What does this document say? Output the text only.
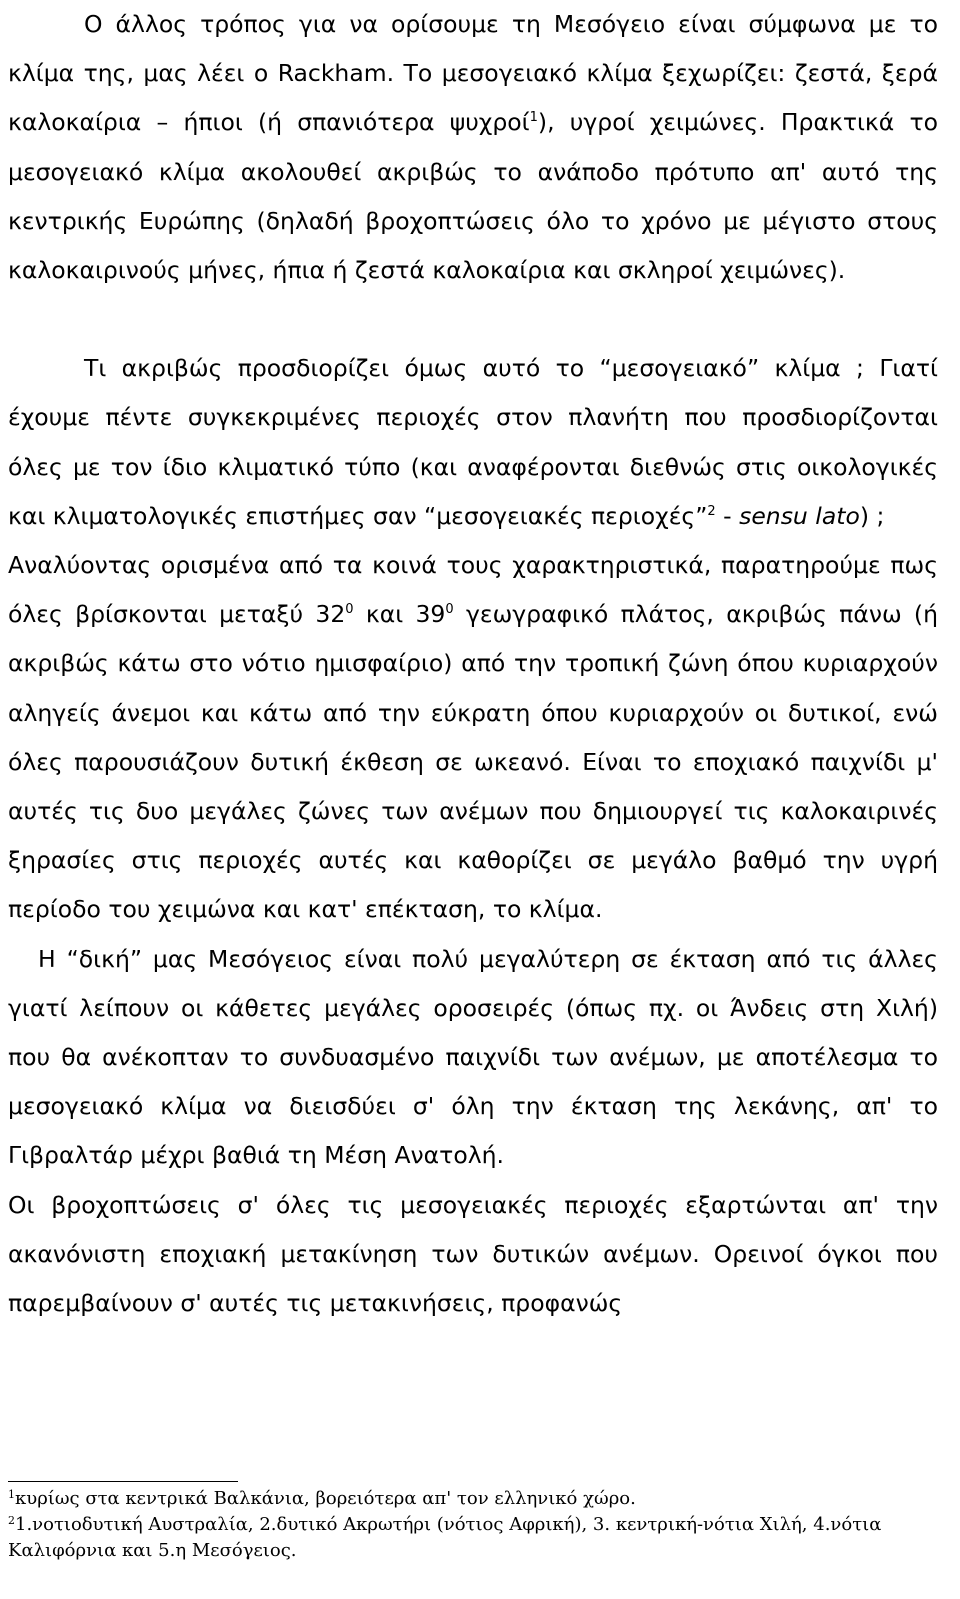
Ο άλλος τρόπος για να ορίσουμε τη Μεσόγειο είναι σύμφωνα με το κλίμα της, μας λέει ο Rackham. Το μεσογειακό κλίμα ξεχωρίζει: ζεστά, ξερά καλοκαίρια – ήπιοι (ή σπανιότερα ψυχροί$^1$), υγροί χειμώνες. Πρακτικά το μεσογειακό κλίμα ακολουθεί ακριβώς το ανάποδο πρότυπο απ' αυτό της κεντρικής Ευρώπης (δηλαδή βροχοπτώσεις όλο το χρόνο με μέγιστο στους καλοκαιρινούς μήνες, ήπια ή ζεστά καλοκαίρια και σκληροί χειμώνες).

Τι ακριβώς προσδιορίζει όμως αυτό το “ μεσογειακό ” κλίμα ; Γιατί έχουμε πέντε συγκεκριμένες περιοχές στον πλανήτη που προσδιορίζονται όλες με τον ίδιο κλιματικό τύπο (και αναφέρονται διεθνώς στις οικολογικές και κλιματολογικές επιστήμες σαν “ μεσογειακές περιοχές ” $^2$ - sensu lato) ;

Αναλύοντας ορισμένα από τα κοινά τους χαρακτηριστικά, παρατηρούμε πως όλες βρίσκονται μεταξύ $32^0$ και $39^0$ γεωγραφικό πλάτος, ακριβώς πάνω (ή ακριβώς κάτω στο νότιο ημισφαίριο) από την τροπική ζώνη όπου κυριαρχούν αληγείς άνεμοι και κάτω από την εύκρατη όπου κυριαρχούν οι δυτικοί, ενώ όλες παρουσιάζουν δυτική έκθεση σε ωκεανό. Είναι το εποχιακό παιχνίδι μ' αυτές τις δυο μεγάλες ζώνες των ανέμων που δημιουργεί τις καλοκαιρινές ξηρασίες στις περιοχές αυτές και καθορίζει σε μεγάλο βαθμό την υγρή περίοδο του χειμώνα και κατ' επέκταση, το κλίμα.

Η “ δική ” μας Μεσόγειος είναι πολύ μεγαλύτερη σε έκταση από τις άλλες γιατί λείπουν οι κάθετες μεγάλες οροσειρές (όπως πχ. οι Άνδεις στη Χιλή) που θα ανέκοπταν το συνδυασμένο παιχνίδι των ανέμων, με αποτέλεσμα το μεσογειακό κλίμα να διεισδύει σ' όλη την έκταση της λεκάνης, απ' το Γιβραλτάρ μέχρι βαθιά τη Μέση Ανατολή.

Οι βροχοπτώσεις σ' όλες τις μεσογειακές περιοχές εξαρτώνται απ' την ακανόνιστη εποχιακή μετακίνηση των δυτικών ανέμων. Ορεινοί όγκοι που παρεμβαίνουν σ' αυτές τις μετακινήσεις, προφανώς

$^1$κυρίως στα κεντρικά Βαλκάνια, βορειότερα απ' τον ελληνικό χώρο.

$^2$1.νοτιοδυτική Αυστραλία, 2.δυτικό Ακρωτήρι (νότιος Αφρική), 3. κεντρική-νότια Χιλή, 4.νότια Καλιφόρνια και 5.η Μεσόγειος.
